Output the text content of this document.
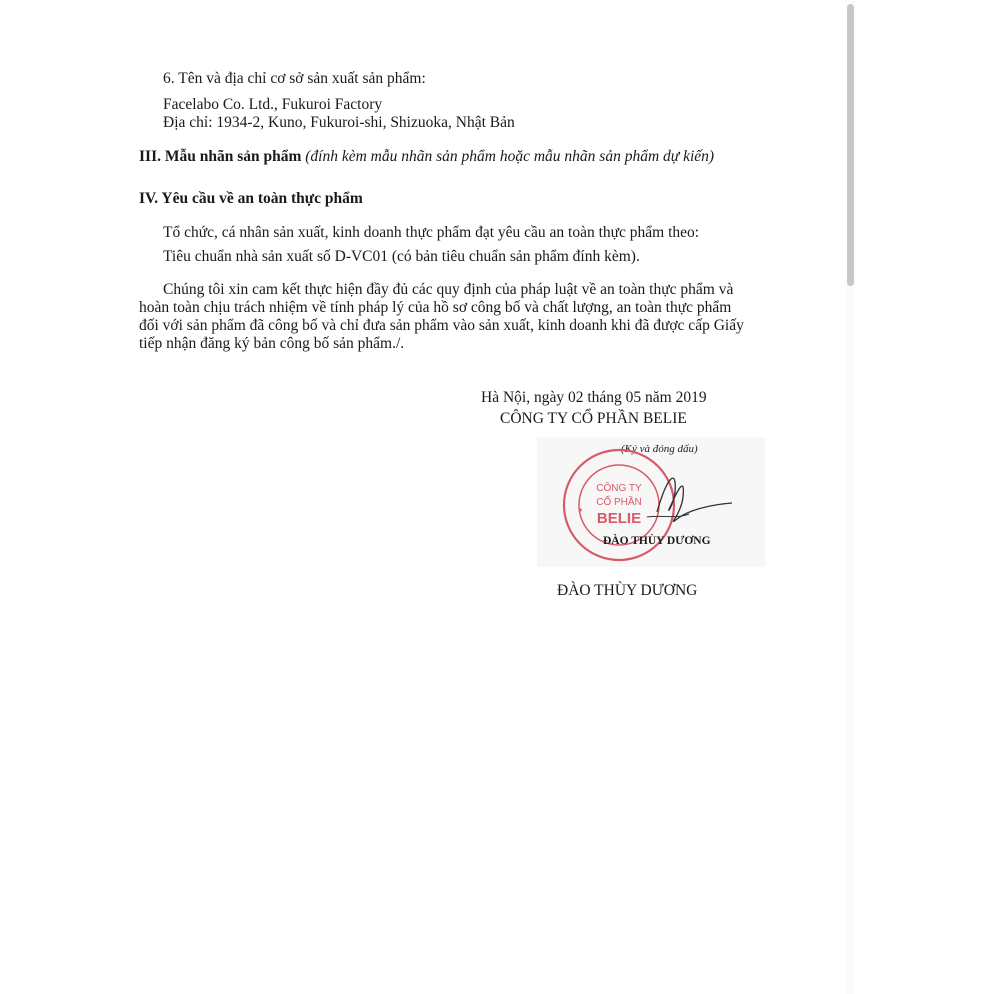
6. Tên và địa chỉ cơ sở sản xuất sản phẩm:
Facelabo Co. Ltd., Fukuroi Factory
Địa chỉ: 1934-2, Kuno, Fukuroi-shi, Shizuoka, Nhật Bản
III. Mẫu nhãn sản phẩm (đính kèm mẫu nhãn sản phẩm hoặc mẫu nhãn sản phẩm dự kiến)
IV. Yêu cầu về an toàn thực phẩm
Tổ chức, cá nhân sản xuất, kinh doanh thực phẩm đạt yêu cầu an toàn thực phẩm theo:
Tiêu chuẩn nhà sản xuất số D-VC01 (có bản tiêu chuẩn sản phẩm đính kèm).
Chúng tôi xin cam kết thực hiện đầy đủ các quy định của pháp luật về an toàn thực phẩm và
hoàn toàn chịu trách nhiệm về tính pháp lý của hồ sơ công bố và chất lượng, an toàn thực phẩm
đối với sản phẩm đã công bố và chỉ đưa sản phẩm vào sản xuất, kinh doanh khi đã được cấp Giấy
tiếp nhận đăng ký bản công bố sản phẩm./.
Hà Nội, ngày 02 tháng 05 năm 2019
CÔNG TY CỔ PHẦN BELIE
(Ký và đóng dấu)
CÔNG TY
CỔ PHẦN
BELIE
✶
ĐÀO THÙY DƯƠNG
ĐÀO THÙY DƯƠNG
